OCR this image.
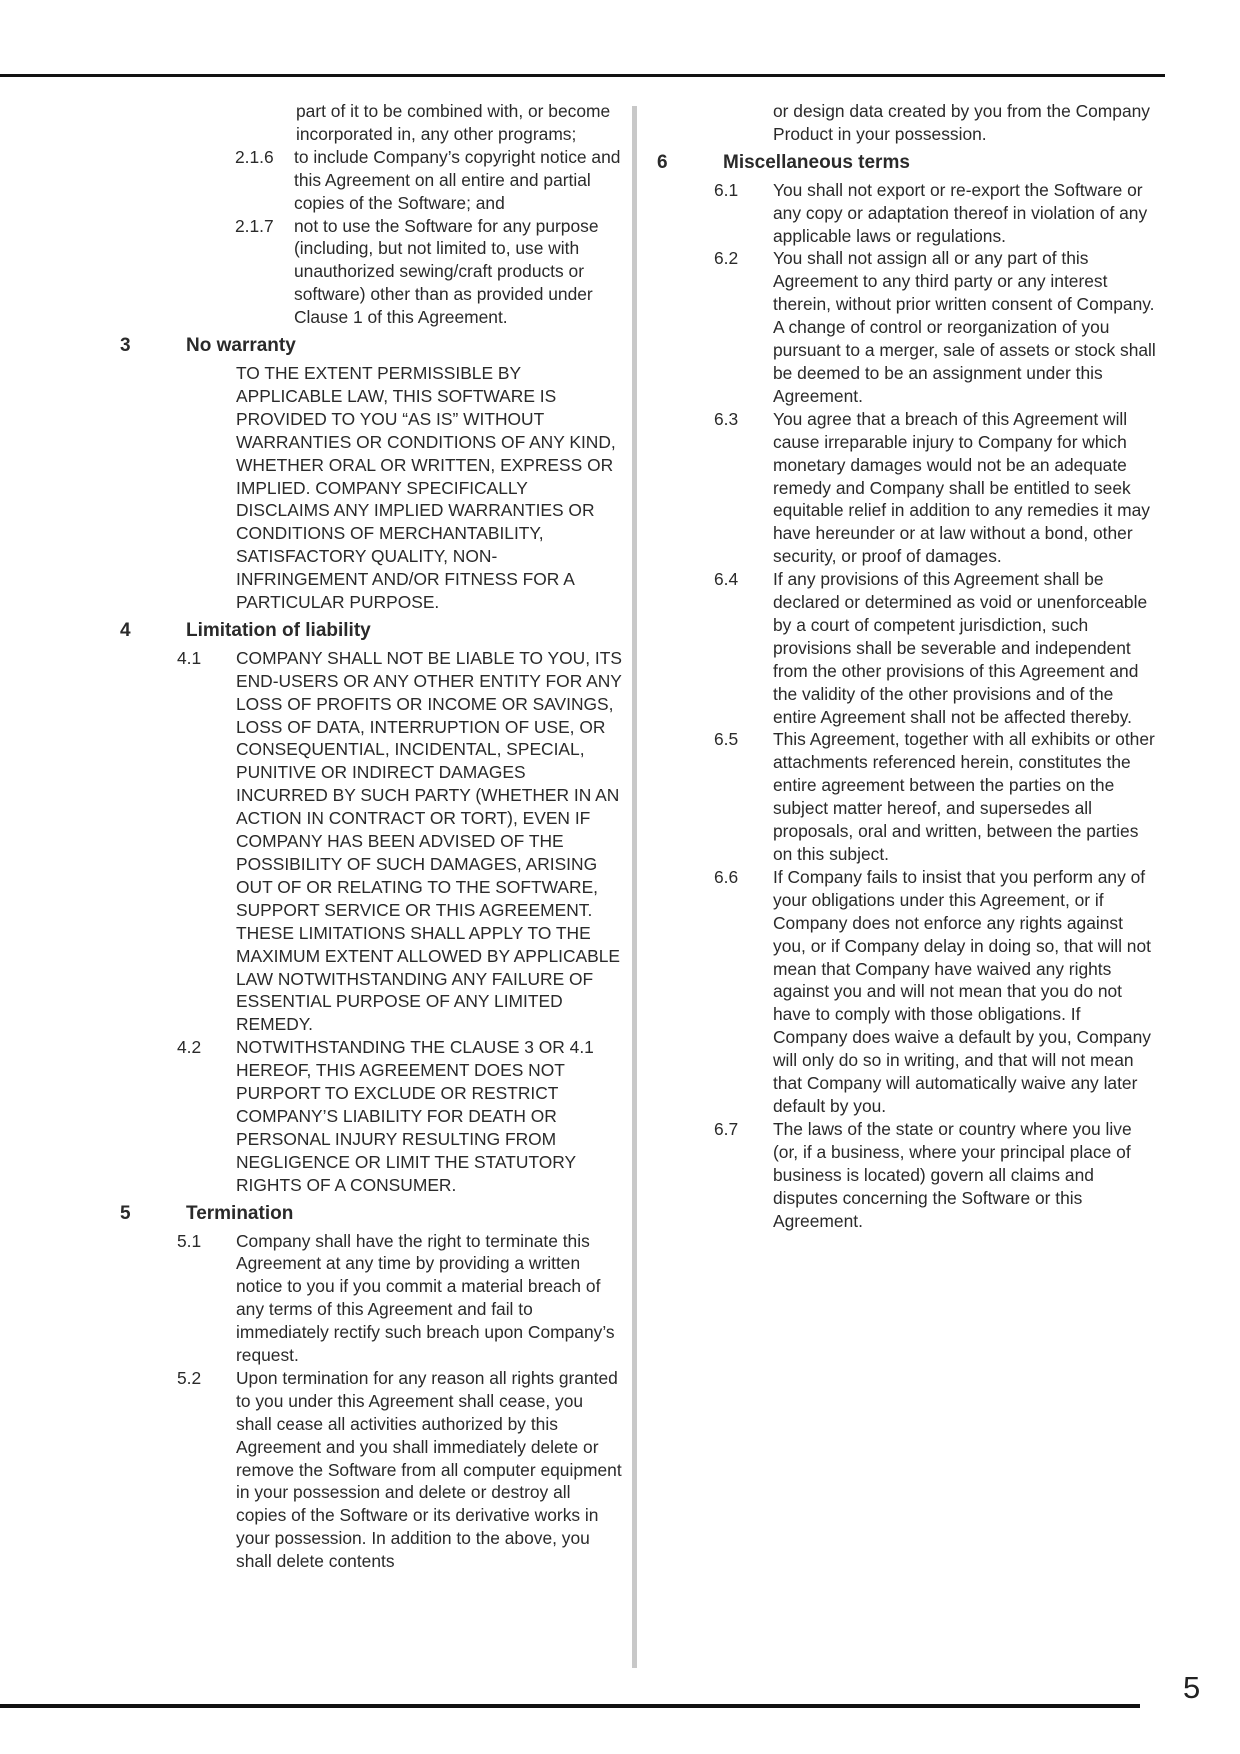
part of it to be combined with, or become incorporated in, any other programs;

2.1.6	to include Company’s copyright notice and this Agreement on all entire and partial copies of the Software; and
2.1.7	not to use the Software for any purpose (including, but not limited to, use with unauthorized sewing/craft products or software) other than as provided under Clause 1 of this Agreement.
3	No warranty

TO THE EXTENT PERMISSIBLE BY APPLICABLE LAW, THIS SOFTWARE IS PROVIDED TO YOU “AS IS” WITHOUT WARRANTIES OR CONDITIONS OF ANY KIND, WHETHER ORAL OR WRITTEN, EXPRESS OR IMPLIED. COMPANY SPECIFICALLY DISCLAIMS ANY IMPLIED WARRANTIES OR CONDITIONS OF MERCHANTABILITY, SATISFACTORY QUALITY, NON-INFRINGEMENT AND/OR FITNESS FOR A PARTICULAR PURPOSE.

4	Limitation of liability
4.1	COMPANY SHALL NOT BE LIABLE TO YOU, ITS END-USERS OR ANY OTHER ENTITY FOR ANY LOSS OF PROFITS OR INCOME OR SAVINGS, LOSS OF DATA, INTERRUPTION OF USE, OR CONSEQUENTIAL, INCIDENTAL, SPECIAL, PUNITIVE OR INDIRECT DAMAGES INCURRED BY SUCH PARTY (WHETHER IN AN ACTION IN CONTRACT OR TORT), EVEN IF COMPANY HAS BEEN ADVISED OF THE POSSIBILITY OF SUCH DAMAGES, ARISING OUT OF OR RELATING TO THE SOFTWARE, SUPPORT SERVICE OR THIS AGREEMENT. THESE LIMITATIONS SHALL APPLY TO THE MAXIMUM EXTENT ALLOWED BY APPLICABLE LAW NOTWITHSTANDING ANY FAILURE OF ESSENTIAL PURPOSE OF ANY LIMITED REMEDY.
4.2	NOTWITHSTANDING THE CLAUSE 3 OR 4.1 HEREOF, THIS AGREEMENT DOES NOT PURPORT TO EXCLUDE OR RESTRICT COMPANY’S LIABILITY FOR DEATH OR PERSONAL INJURY RESULTING FROM NEGLIGENCE OR LIMIT THE STATUTORY RIGHTS OF A CONSUMER.
5	Termination
5.1	Company shall have the right to terminate this Agreement at any time by providing a written notice to you if you commit a material breach of any terms of this Agreement and fail to immediately rectify such breach upon Company’s request.
5.2	Upon termination for any reason all rights granted to you under this Agreement shall cease, you shall cease all activities authorized by this Agreement and you shall immediately delete or remove the Software from all computer equipment in your possession and delete or destroy all copies of the Software or its derivative works in your possession. In addition to the above, you shall delete contents

or design data created by you from the Company Product in your possession.

6	Miscellaneous terms
6.1	You shall not export or re-export the Software or any copy or adaptation thereof in violation of any applicable laws or regulations.
6.2	You shall not assign all or any part of this Agreement to any third party or any interest therein, without prior written consent of Company. A change of control or reorganization of you pursuant to a merger, sale of assets or stock shall be deemed to be an assignment under this Agreement.
6.3	You agree that a breach of this Agreement will cause irreparable injury to Company for which monetary damages would not be an adequate remedy and Company shall be entitled to seek equitable relief in addition to any remedies it may have hereunder or at law without a bond, other security, or proof of damages.
6.4	If any provisions of this Agreement shall be declared or determined as void or unenforceable by a court of competent jurisdiction, such provisions shall be severable and independent from the other provisions of this Agreement and the validity of the other provisions and of the entire Agreement shall not be affected thereby.
6.5	This Agreement, together with all exhibits or other attachments referenced herein, constitutes the entire agreement between the parties on the subject matter hereof, and supersedes all proposals, oral and written, between the parties on this subject.
6.6	If Company fails to insist that you perform any of your obligations under this Agreement, or if Company does not enforce any rights against you, or if Company delay in doing so, that will not mean that Company have waived any rights against you and will not mean that you do not have to comply with those obligations. If Company does waive a default by you, Company will only do so in writing, and that will not mean that Company will automatically waive any later default by you.
6.7	The laws of the state or country where you live (or, if a business, where your principal place of business is located) govern all claims and disputes concerning the Software or this Agreement.
5
